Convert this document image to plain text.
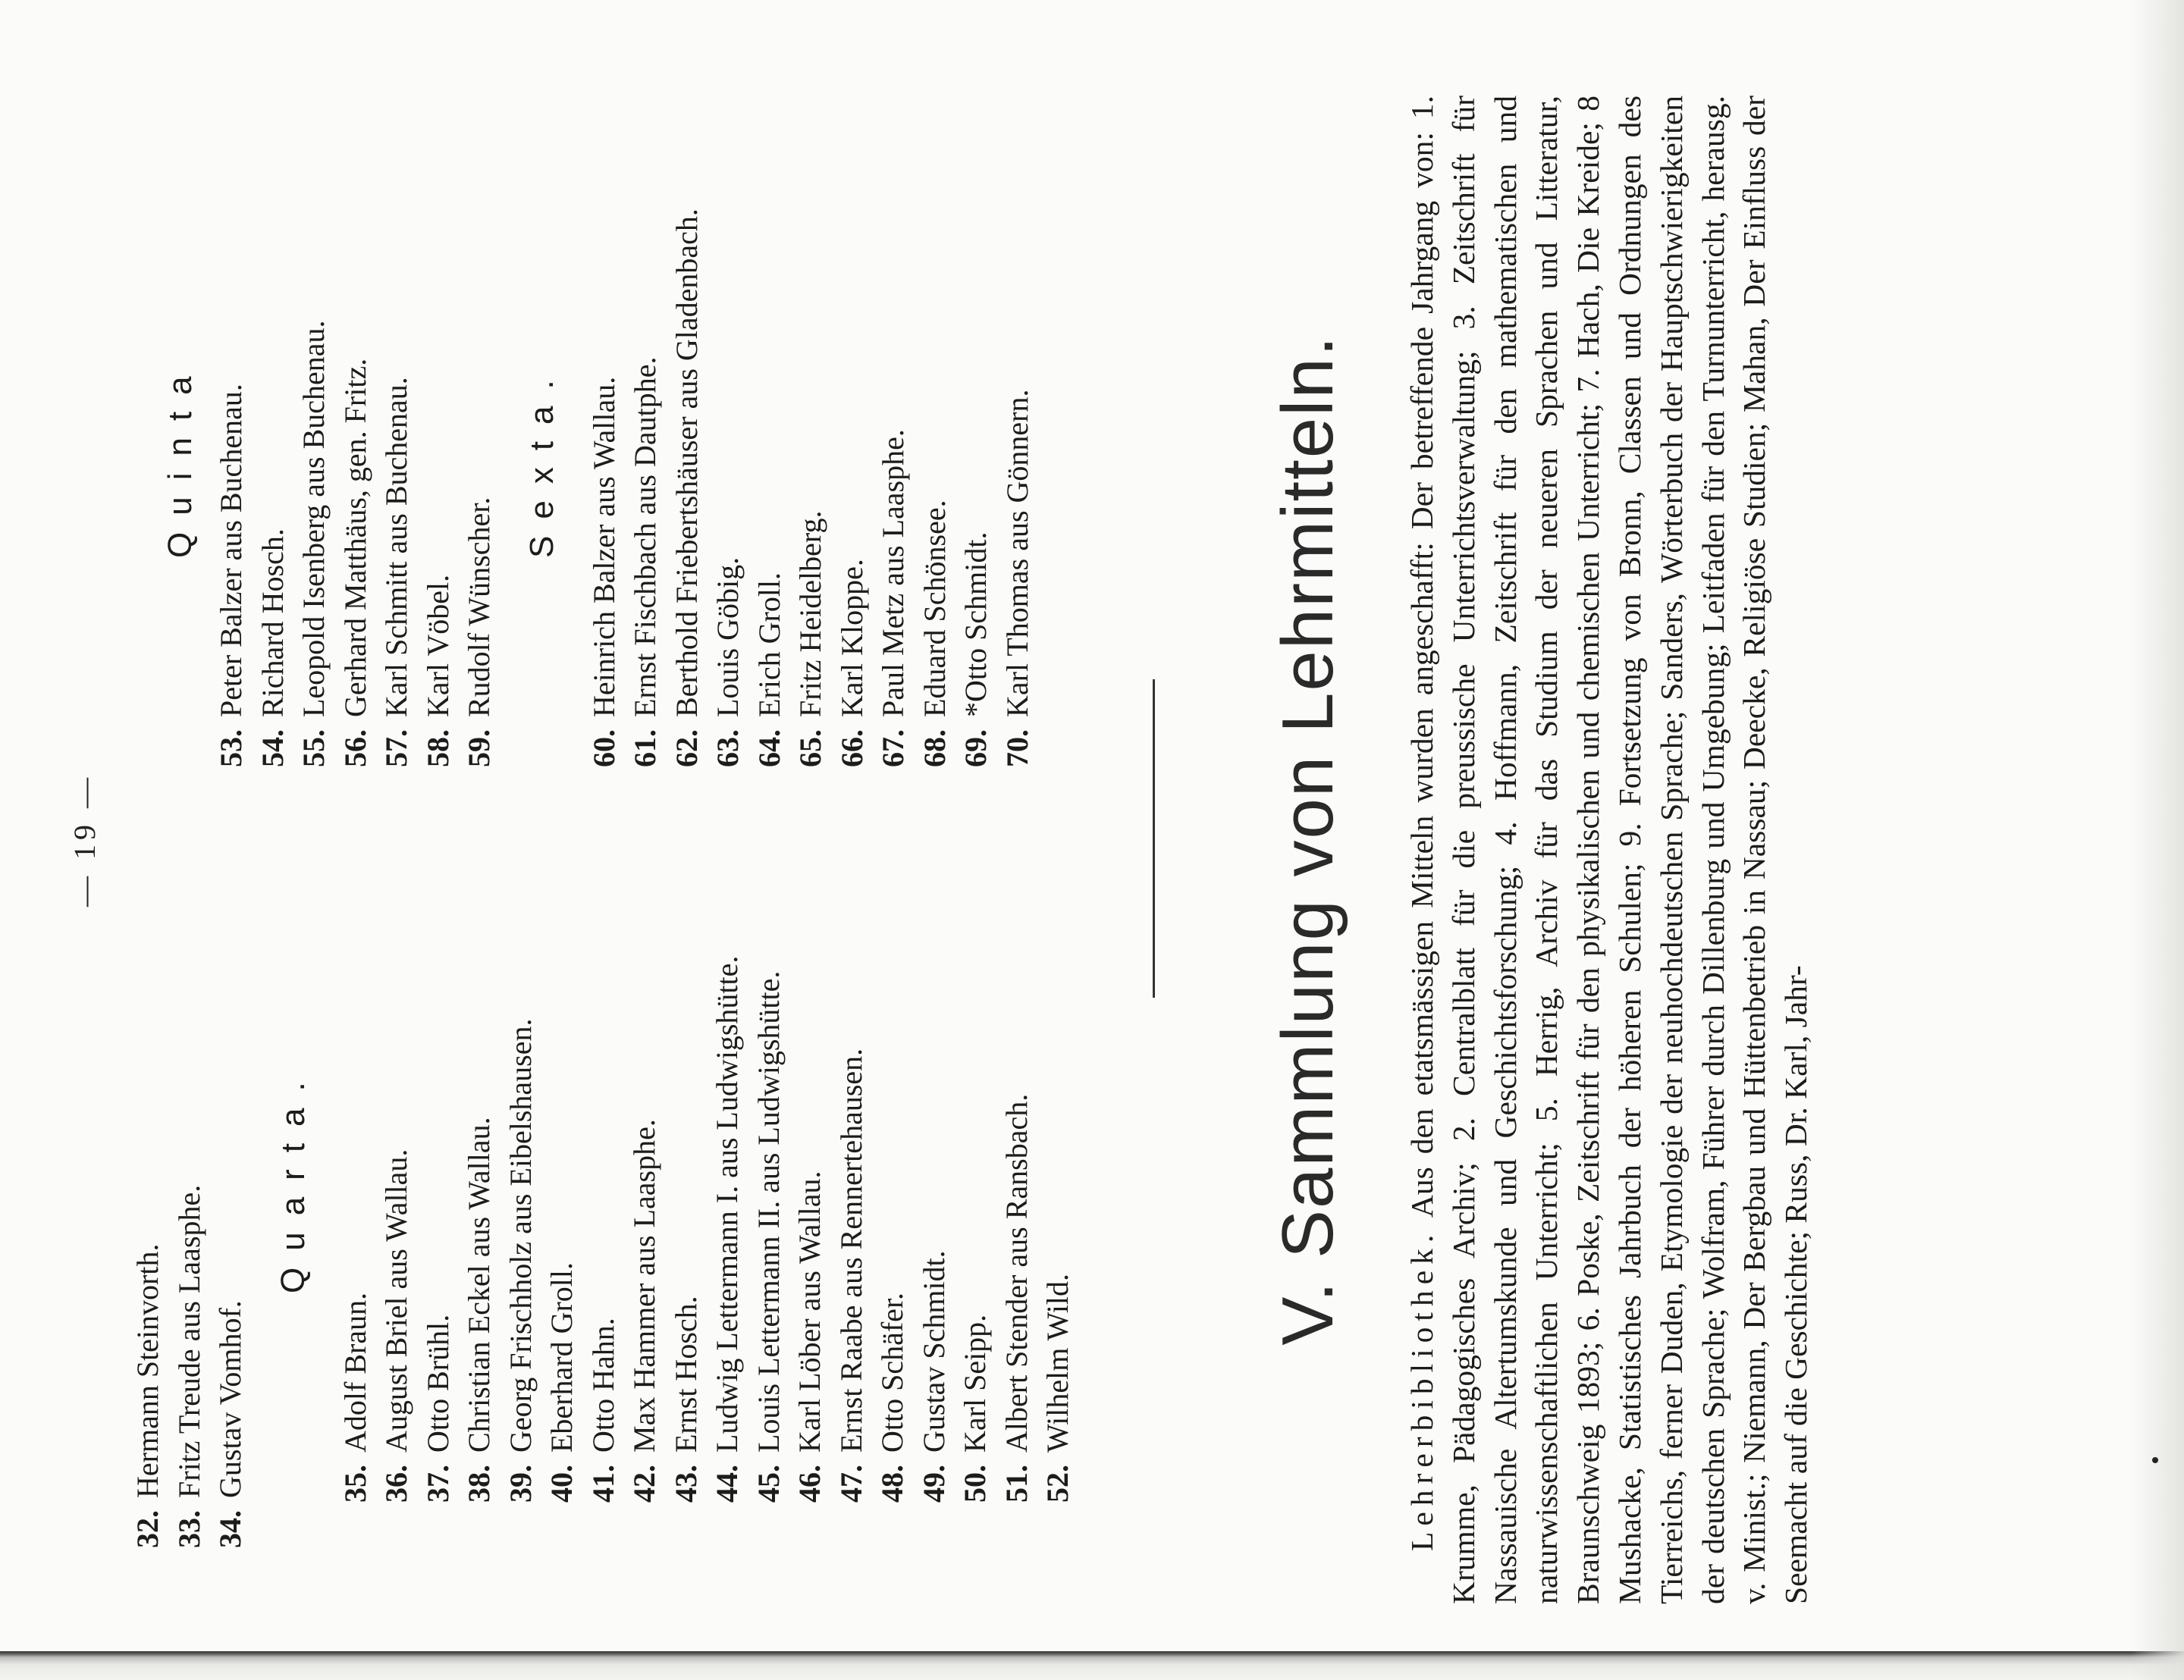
— 19 —
32.Hermann Steinvorth.
33.Fritz Treude aus Laasphe.
34.Gustav Vomhof.
Quarta.
35.Adolf Braun.
36.August Briel aus Wallau.
37.Otto Brühl.
38.Christian Eckel aus Wallau.
39.Georg Frischholz aus Eibelshausen.
40.Eberhard Groll.
41.Otto Hahn.
42.Max Hammer aus Laasphe.
43.Ernst Hosch.
44.Ludwig Lettermann I. aus Ludwigshütte.
45.Louis Lettermann II. aus Ludwigshütte.
46.Karl Löber aus Wallau.
47.Ernst Raabe aus Rennertehausen.
48.Otto Schäfer.
49.Gustav Schmidt.
50.Karl Seipp.
51.Albert Stender aus Ransbach.
52.Wilhelm Wild.
Quinta
53.Peter Balzer aus Buchenau.
54.Richard Hosch.
55.Leopold Isenberg aus Buchenau.
56.Gerhard Matthäus, gen. Fritz.
57.Karl Schmitt aus Buchenau.
58.Karl Vöbel.
59.Rudolf Wünscher.
Sexta.
60.Heinrich Balzer aus Wallau.
61.Ernst Fischbach aus Dautphe.
62.Berthold Friebertshäuser aus Gladenbach.
63.Louis Göbig.
64.Erich Groll.
65.Fritz Heidelberg.
66.Karl Kloppe.
67.Paul Metz aus Laasphe.
68.Eduard Schönsee.
69.*Otto Schmidt.
70.Karl Thomas aus Gönnern.	V. Sammlung von Lehrmitteln.
Lehrerbibliothek. Aus den etatsmässigen Mitteln wurden angeschafft: Der betreffende Jahrgang von: 1. Krumme, Pädagogisches Archiv; 2. Centralblatt für die preussische Unterrichtsverwaltung; 3. Zeitschrift für Nassauische Altertumskunde und Geschichtsforschung; 4. Hoffmann, Zeitschrift für den mathematischen und naturwissenschaftlichen Unterricht; 5. Herrig, Archiv für das Studium der neueren Sprachen und Litteratur, Braunschweig 1893; 6. Poske, Zeitschrift für den physikalischen und chemischen Unterricht; 7. Hach, Die Kreide; 8 Mushacke, Statistisches Jahrbuch der höheren Schulen; 9. Fortsetzung von Bronn, Classen und Ordnungen des Tierreichs, ferner Duden, Etymologie der neuhochdeutschen Sprache; Sanders, Wörterbuch der Hauptschwierigkeiten der deutschen Sprache; Wolfram, Führer durch Dillenburg und Umgebung; Leitfaden für den Turnunterricht, herausg. v. Minist.; Niemann, Der Bergbau und Hüttenbetrieb in Nassau; Deecke, Religiöse Studien; Mahan, Der Einfluss der Seemacht auf die Geschichte; Russ, Dr. Karl, Jahr-
